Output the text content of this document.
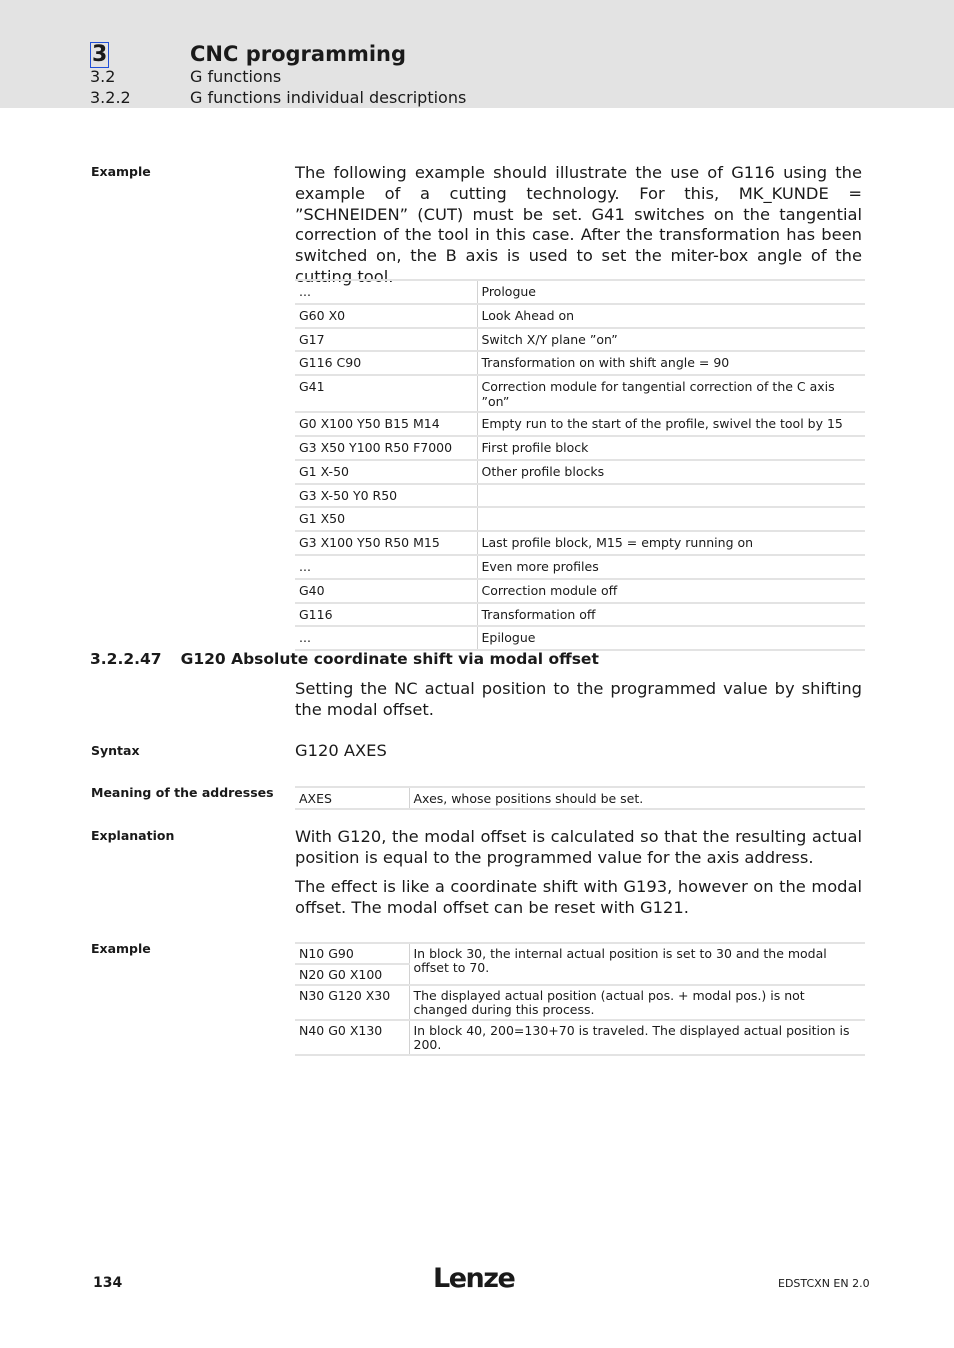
3	CNC programming
3.2	G functions
3.2.2	G functions individual descriptions
Example	The following example should illustrate the use of G116 using the example of a cutting technology. For this, MK_KUNDE = ”SCHNEIDEN” (CUT) must be set. G41 switches on the tangential correction of the tool in this case. After the transformation has been switched on, the B axis is used to set the miter-box angle of the cutting tool.
...	Prologue
G60 X0	Look Ahead on
G17	Switch X/Y plane ”on”
G116 C90	Transformation on with shift angle = 90
G41	Correction module for tangential correction of the C axis ”on”
G0 X100 Y50 B15 M14	Empty run to the start of the profile, swivel the tool by 15
G3 X50 Y100 R50 F7000	First profile block
G1 X-50	Other profile blocks
G3 X-50 Y0 R50	
G1 X50	
G3 X100 Y50 R50 M15	Last profile block, M15 = empty running on
...	Even more profiles
G40	Correction module off
G116	Transformation off
...	Epilogue
3.2.2.47 G120 Absolute coordinate shift via modal offset
Setting the NC actual position to the programmed value by shifting the modal offset.
Syntax	G120 AXES
Meaning of the addresses AXES	Axes, whose positions should be set.
Explanation	With G120, the modal offset is calculated so that the resulting actual position is equal to the programmed value for the axis address.
The effect is like a coordinate shift with G193, however on the modal offset. The modal offset can be reset with G121.
Example	N10 G90	In block 30, the internal actual position is set to 30 and the modal offset to 70.
N20 G0 X100	
N30 G120 X30	The displayed actual position (actual pos. + modal pos.) is not changed during this process.
N40 G0 X130	In block 40, 200=130+70 is traveled. The displayed actual position is 200.
134	Lenze	EDSTCXN EN 2.0
